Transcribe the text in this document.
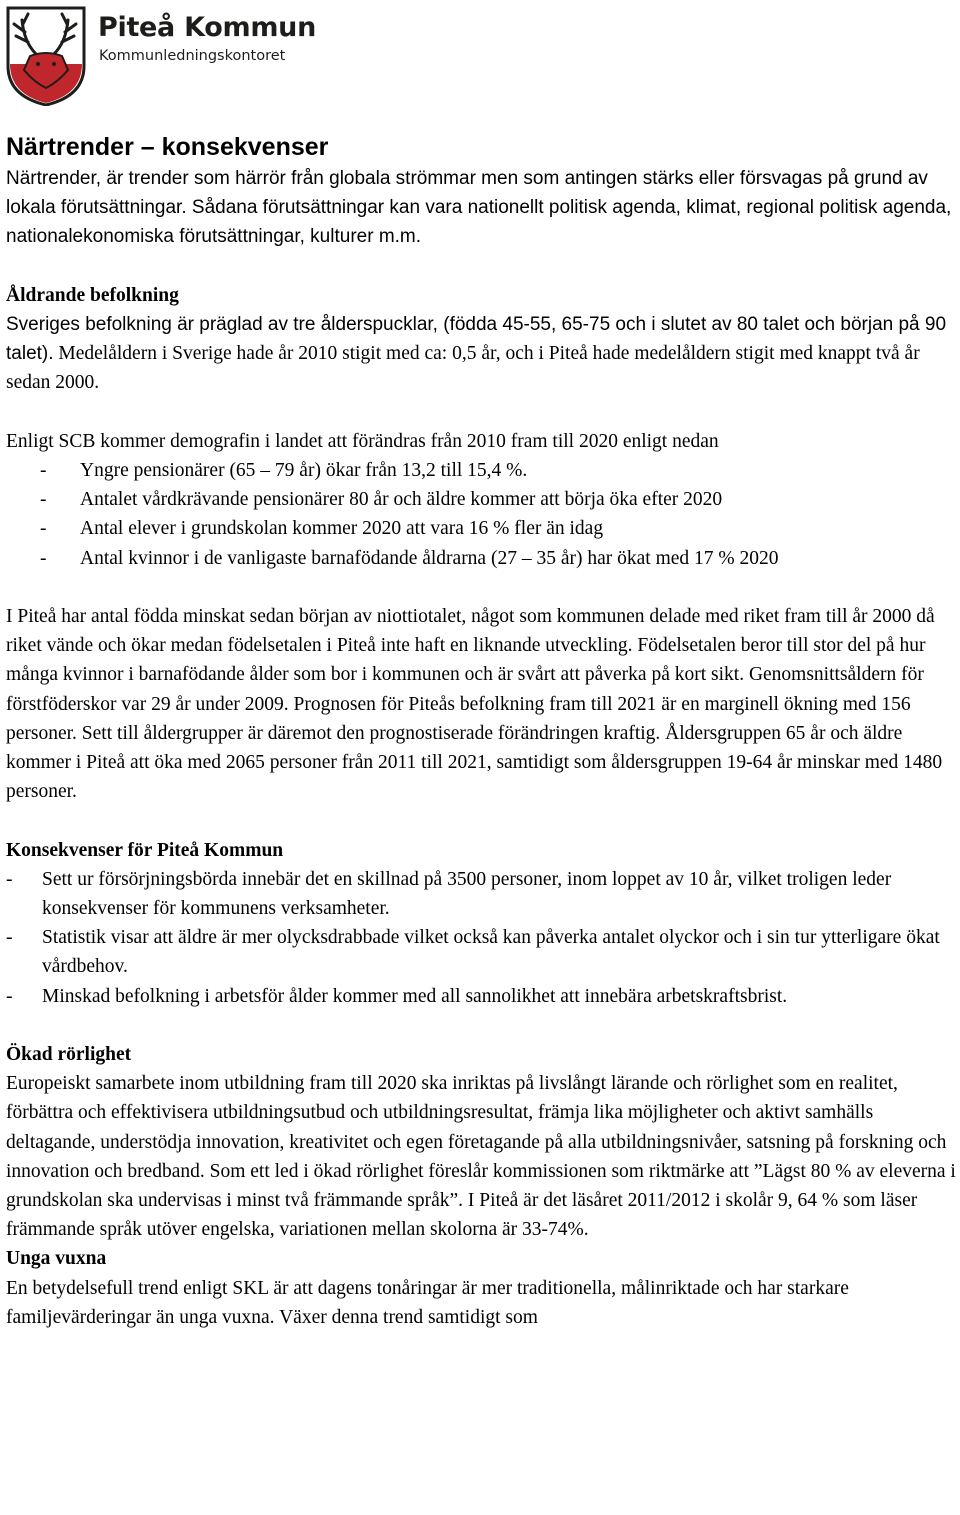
Piteå Kommun
Kommunledningskontoret
Närtrender – konsekvenser

Närtrender, är trender som härrör från globala strömmar men som antingen stärks eller försvagas på grund av lokala förutsättningar. Sådana förutsättningar kan vara nationellt politisk agenda, klimat, regional politisk agenda, nationalekonomiska förutsättningar, kulturer m.m.

Åldrande befolkning

Sveriges befolkning är präglad av tre ålderspucklar, (födda 45-55, 65-75 och i slutet av 80 talet och början på 90 talet). Medelåldern i Sverige hade år 2010 stigit med ca: 0,5 år, och i Piteå hade medelåldern stigit med knappt två år sedan 2000.

Enligt SCB kommer demografin i landet att förändras från 2010 fram till 2020 enligt nedan

- Yngre pensionärer (65 – 79 år) ökar från 13,2 till 15,4 %.
- Antalet vårdkrävande pensionärer 80 år och äldre kommer att börja öka efter 2020
- Antal elever i grundskolan kommer 2020 att vara 16 % fler än idag
- Antal kvinnor i de vanligaste barnafödande åldrarna (27 – 35 år) har ökat med 17 % 2020

I Piteå har antal födda minskat sedan början av niottiotalet, något som kommunen delade med riket fram till år 2000 då riket vände och ökar medan födelsetalen i Piteå inte haft en liknande utveckling. Födelsetalen beror till stor del på hur många kvinnor i barnafödande ålder som bor i kommunen och är svårt att påverka på kort sikt. Genomsnittsåldern för förstföderskor var 29 år under 2009. Prognosen för Piteås befolkning fram till 2021 är en marginell ökning med 156 personer. Sett till åldergrupper är däremot den prognostiserade förändringen kraftig. Åldersgruppen 65 år och äldre kommer i Piteå att öka med 2065 personer från 2011 till 2021, samtidigt som åldersgruppen 19-64 år minskar med 1480 personer.

Konsekvenser för Piteå Kommun
- Sett ur försörjningsbörda innebär det en skillnad på 3500 personer, inom loppet av 10 år, vilket troligen leder konsekvenser för kommunens verksamheter.
- Statistik visar att äldre är mer olycksdrabbade vilket också kan påverka antalet olyckor och i sin tur ytterligare ökat vårdbehov.
- Minskad befolkning i arbetsför ålder kommer med all sannolikhet att innebära arbetskraftsbrist.
Ökad rörlighet

Europeiskt samarbete inom utbildning fram till 2020 ska inriktas på livslångt lärande och rörlighet som en realitet, förbättra och effektivisera utbildningsutbud och utbildningsresultat, främja lika möjligheter och aktivt samhälls deltagande, understödja innovation, kreativitet och egen företagande på alla utbildningsnivåer, satsning på forskning och innovation och bredband. Som ett led i ökad rörlighet föreslår kommissionen som riktmärke att ”Lägst 80 % av eleverna i grundskolan ska undervisas i minst två främmande språk”. I Piteå är det läsåret 2011/2012 i skolår 9, 64 % som läser främmande språk utöver engelska, variationen mellan skolorna är 33-74%.

Unga vuxna

En betydelsefull trend enligt SKL är att dagens tonåringar är mer traditionella, målinriktade och har starkare familjevärderingar än unga vuxna. Växer denna trend samtidigt som
